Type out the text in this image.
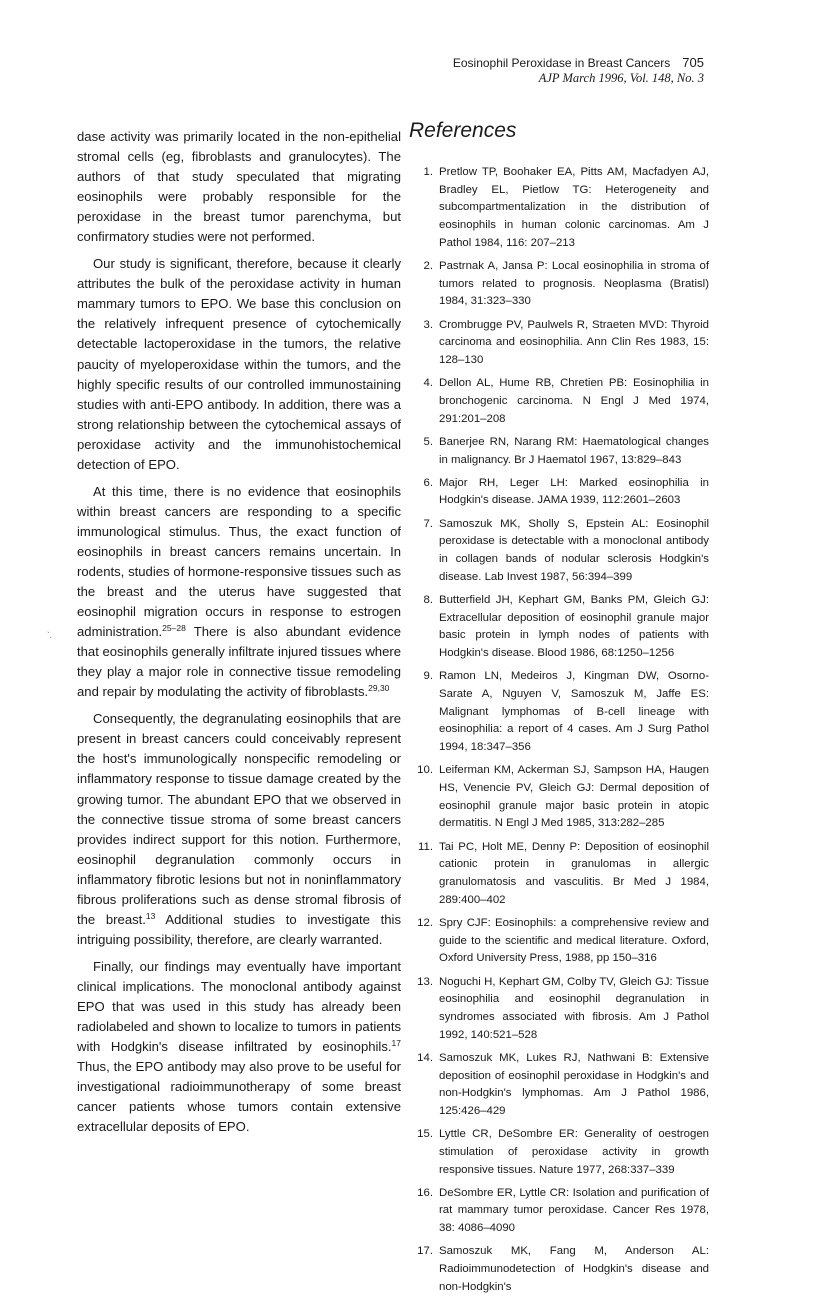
Eosinophil Peroxidase in Breast Cancers 705
AJP March 1996, Vol. 148, No. 3
`.

dase activity was primarily located in the non-epithelial stromal cells (eg, fibroblasts and granulocytes). The authors of that study speculated that migrating eosinophils were probably responsible for the peroxidase in the breast tumor parenchyma, but confirmatory studies were not performed.

Our study is significant, therefore, because it clearly attributes the bulk of the peroxidase activity in human mammary tumors to EPO. We base this conclusion on the relatively infrequent presence of cytochemically detectable lactoperoxidase in the tumors, the relative paucity of myeloperoxidase within the tumors, and the highly specific results of our controlled immunostaining studies with anti-EPO antibody. In addition, there was a strong relationship between the cytochemical assays of peroxidase activity and the immunohistochemical detection of EPO.

At this time, there is no evidence that eosinophils within breast cancers are responding to a specific immunological stimulus. Thus, the exact function of eosinophils in breast cancers remains uncertain. In rodents, studies of hormone-responsive tissues such as the breast and the uterus have suggested that eosinophil migration occurs in response to estrogen administration.$^{25-28}$ There is also abundant evidence that eosinophils generally infiltrate injured tissues where they play a major role in connective tissue remodeling and repair by modulating the activity of fibroblasts.$^{29,30}$

Consequently, the degranulating eosinophils that are present in breast cancers could conceivably represent the host's immunologically nonspecific remodeling or inflammatory response to tissue damage created by the growing tumor. The abundant EPO that we observed in the connective tissue stroma of some breast cancers provides indirect support for this notion. Furthermore, eosinophil degranulation commonly occurs in inflammatory fibrotic lesions but not in noninflammatory fibrous proliferations such as dense stromal fibrosis of the breast.$^{13}$ Additional studies to investigate this intriguing possibility, therefore, are clearly warranted.

Finally, our findings may eventually have important clinical implications. The monoclonal antibody against EPO that was used in this study has already been radiolabeled and shown to localize to tumors in patients with Hodgkin's disease infiltrated by eosinophils.$^{17}$ Thus, the EPO antibody may also prove to be useful for investigational radioimmunotherapy of some breast cancer patients whose tumors contain extensive extracellular deposits of EPO.

References
1. Pretlow TP, Boohaker EA, Pitts AM, Macfadyen AJ, Bradley EL, Pietlow TG: Heterogeneity and subcompartmentalization in the distribution of eosinophils in human colonic carcinomas. Am J Pathol 1984, 116: 207–213
2. Pastrnak A, Jansa P: Local eosinophilia in stroma of tumors related to prognosis. Neoplasma (Bratisl) 1984, 31:323–330
3. Crombrugge PV, Paulwels R, Straeten MVD: Thyroid carcinoma and eosinophilia. Ann Clin Res 1983, 15: 128–130
4. Dellon AL, Hume RB, Chretien PB: Eosinophilia in bronchogenic carcinoma. N Engl J Med 1974, 291:201–208
5. Banerjee RN, Narang RM: Haematological changes in malignancy. Br J Haematol 1967, 13:829–843
6. Major RH, Leger LH: Marked eosinophilia in Hodgkin's disease. JAMA 1939, 112:2601–2603
7. Samoszuk MK, Sholly S, Epstein AL: Eosinophil peroxidase is detectable with a monoclonal antibody in collagen bands of nodular sclerosis Hodgkin's disease. Lab Invest 1987, 56:394–399
8. Butterfield JH, Kephart GM, Banks PM, Gleich GJ: Extracellular deposition of eosinophil granule major basic protein in lymph nodes of patients with Hodgkin's disease. Blood 1986, 68:1250–1256
9. Ramon LN, Medeiros J, Kingman DW, Osorno-Sarate A, Nguyen V, Samoszuk M, Jaffe ES: Malignant lymphomas of B-cell lineage with eosinophilia: a report of 4 cases. Am J Surg Pathol 1994, 18:347–356
10. Leiferman KM, Ackerman SJ, Sampson HA, Haugen HS, Venencie PV, Gleich GJ: Dermal deposition of eosinophil granule major basic protein in atopic dermatitis. N Engl J Med 1985, 313:282–285
11. Tai PC, Holt ME, Denny P: Deposition of eosinophil cationic protein in granulomas in allergic granulomatosis and vasculitis. Br Med J 1984, 289:400–402
12. Spry CJF: Eosinophils: a comprehensive review and guide to the scientific and medical literature. Oxford, Oxford University Press, 1988, pp 150–316
13. Noguchi H, Kephart GM, Colby TV, Gleich GJ: Tissue eosinophilia and eosinophil degranulation in syndromes associated with fibrosis. Am J Pathol 1992, 140:521–528
14. Samoszuk MK, Lukes RJ, Nathwani B: Extensive deposition of eosinophil peroxidase in Hodgkin's and non-Hodgkin's lymphomas. Am J Pathol 1986, 125:426–429
15. Lyttle CR, DeSombre ER: Generality of oestrogen stimulation of peroxidase activity in growth responsive tissues. Nature 1977, 268:337–339
16. DeSombre ER, Lyttle CR: Isolation and purification of rat mammary tumor peroxidase. Cancer Res 1978, 38: 4086–4090
17. Samoszuk MK, Fang M, Anderson AL: Radioimmunodetection of Hodgkin's disease and non-Hodgkin's
